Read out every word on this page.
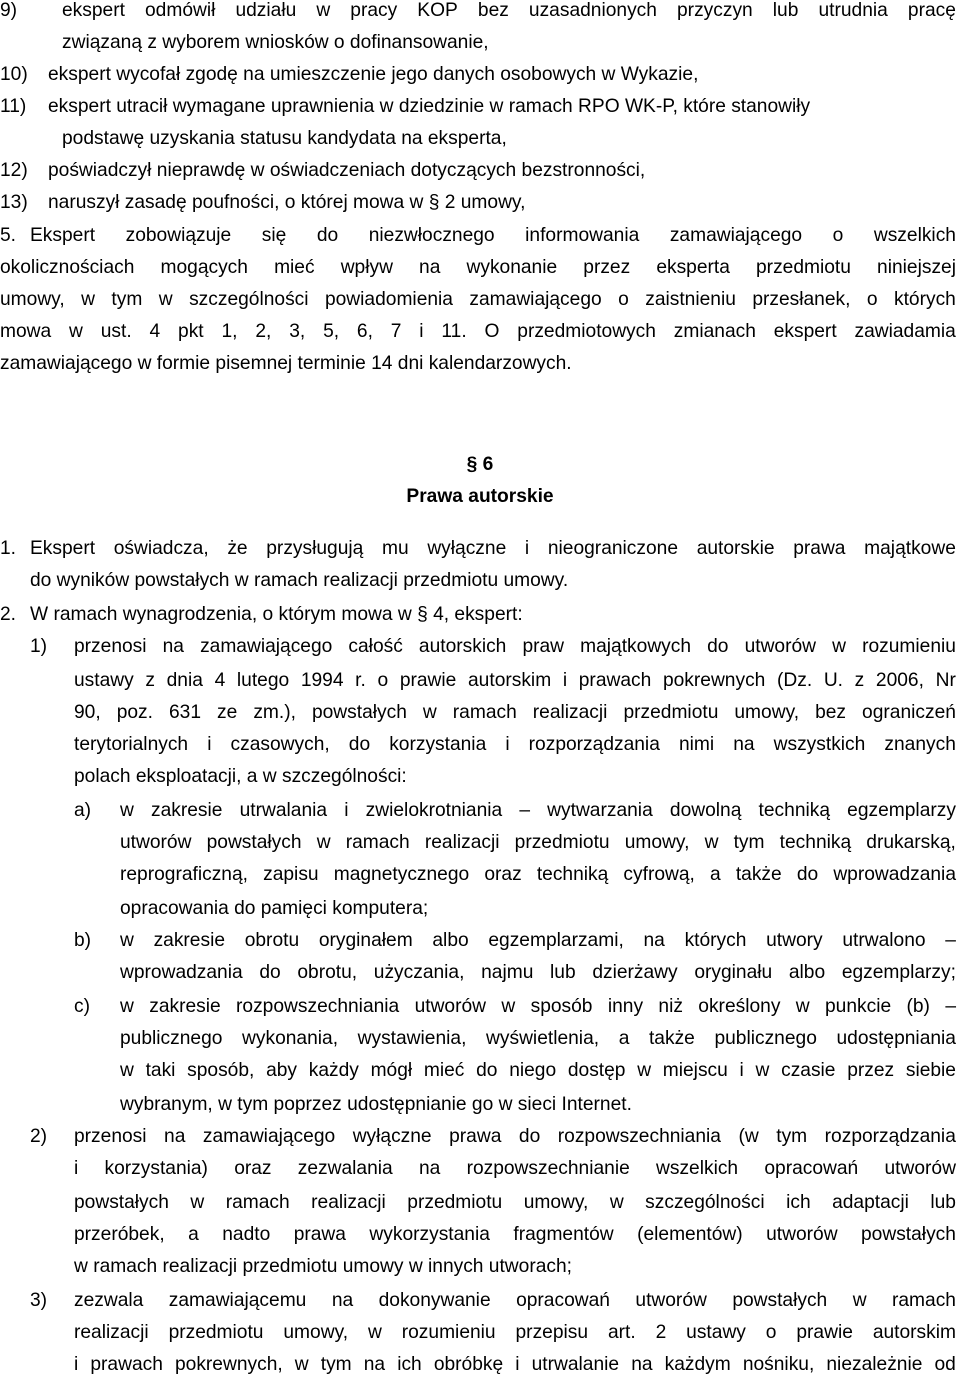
§ 6
Prawa autorskie
9) ekspert odmówił udziału w pracy KOP bez uzasadnionych przyczyn lub utrudnia pracę
związaną z wyborem wniosków o dofinansowanie,
10) ekspert wycofał zgodę na umieszczenie jego danych osobowych w Wykazie,
11) ekspert utracił wymagane uprawnienia w dziedzinie w ramach RPO WK-P, które stanowiły
podstawę uzyskania statusu kandydata na eksperta,
12) poświadczył nieprawdę w oświadczeniach dotyczących bezstronności,
13) naruszył zasadę poufności, o której mowa w § 2 umowy,
5. Ekspert zobowiązuje się do niezwłocznego informowania zamawiającego o wszelkich
okolicznościach mogących mieć wpływ na wykonanie przez eksperta przedmiotu niniejszej
umowy, w tym w szczególności powiadomienia zamawiającego o zaistnieniu przesłanek, o których
mowa w ust. 4 pkt 1, 2, 3, 5, 6, 7 i 11. O przedmiotowych zmianach ekspert zawiadamia
zamawiającego w formie pisemnej terminie 14 dni kalendarzowych.
1. Ekspert oświadcza, że przysługują mu wyłączne i nieograniczone autorskie prawa majątkowe
do wyników powstałych w ramach realizacji przedmiotu umowy.
2. W ramach wynagrodzenia, o którym mowa w § 4, ekspert:
1) przenosi na zamawiającego całość autorskich praw majątkowych do utworów w rozumieniu
ustawy z dnia 4 lutego 1994 r. o prawie autorskim i prawach pokrewnych (Dz. U. z 2006, Nr
90, poz. 631 ze zm.), powstałych w ramach realizacji przedmiotu umowy, bez ograniczeń
terytorialnych i czasowych, do korzystania i rozporządzania nimi na wszystkich znanych
polach eksploatacji, a w szczególności:
a) w zakresie utrwalania i zwielokrotniania – wytwarzania dowolną techniką egzemplarzy
utworów powstałych w ramach realizacji przedmiotu umowy, w tym techniką drukarską,
reprograficzną, zapisu magnetycznego oraz techniką cyfrową, a także do wprowadzania
opracowania do pamięci komputera;
b) w zakresie obrotu oryginałem albo egzemplarzami, na których utwory utrwalono –
wprowadzania do obrotu, użyczania, najmu lub dzierżawy oryginału albo egzemplarzy;
c) w zakresie rozpowszechniania utworów w sposób inny niż określony w punkcie (b) –
publicznego wykonania, wystawienia, wyświetlenia, a także publicznego udostępniania
w taki sposób, aby każdy mógł mieć do niego dostęp w miejscu i w czasie przez siebie
wybranym, w tym poprzez udostępnianie go w sieci Internet.
2) przenosi na zamawiającego wyłączne prawa do rozpowszechniania (w tym rozporządzania
i korzystania) oraz zezwalania na rozpowszechnianie wszelkich opracowań utworów
powstałych w ramach realizacji przedmiotu umowy, w szczególności ich adaptacji lub
przeróbek, a nadto prawa wykorzystania fragmentów (elementów) utworów powstałych
w ramach realizacji przedmiotu umowy w innych utworach;
3) zezwala zamawiającemu na dokonywanie opracowań utworów powstałych w ramach
realizacji przedmiotu umowy, w rozumieniu przepisu art. 2 ustawy o prawie autorskim
i prawach pokrewnych, w tym na ich obróbkę i utrwalanie na każdym nośniku, niezależnie od
